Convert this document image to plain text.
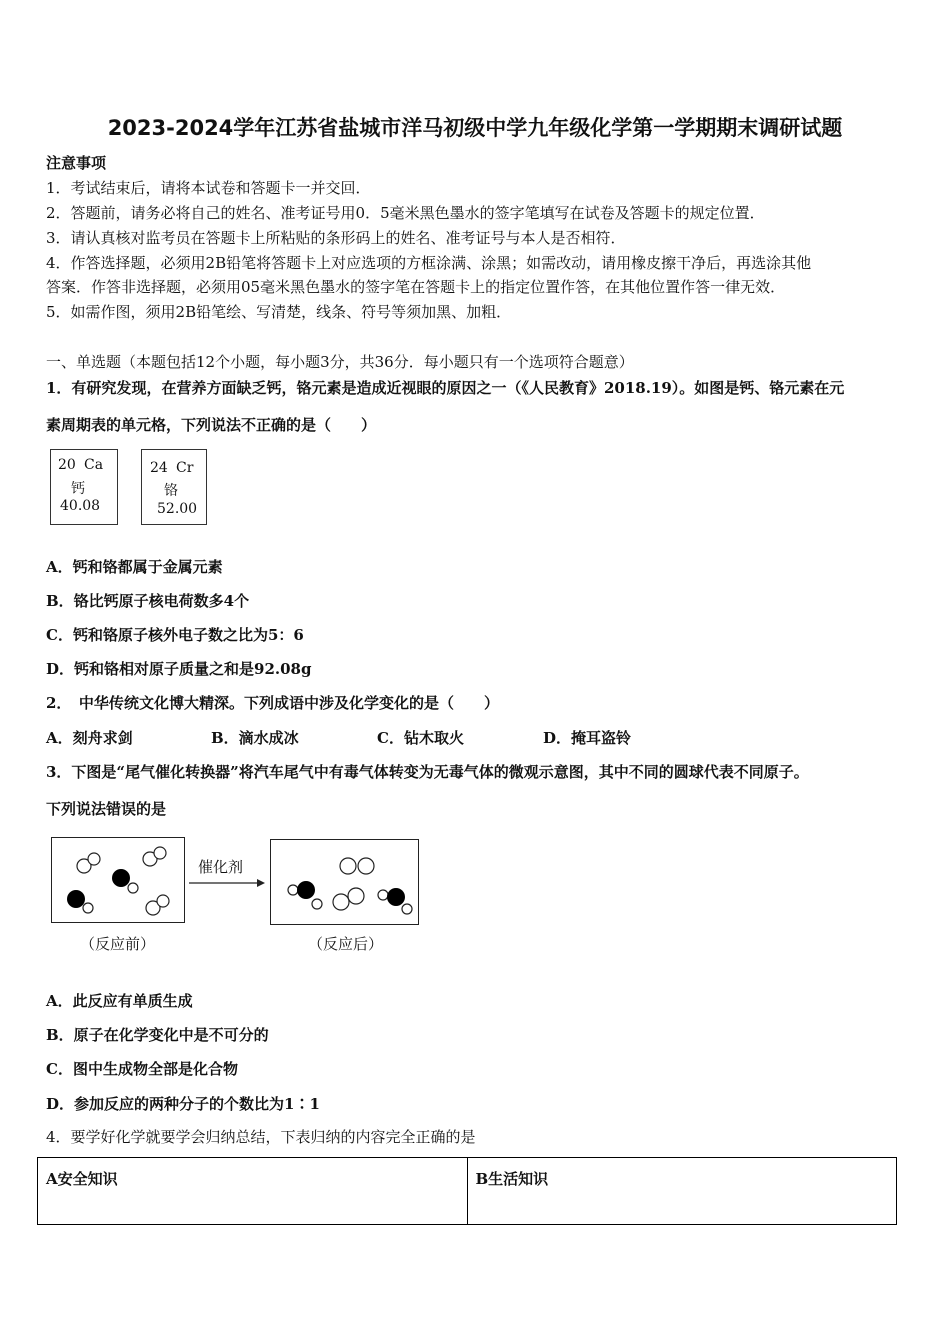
2023-2024学年江苏省盐城市洋马初级中学九年级化学第一学期期末调研试题
注意事项
1．考试结束后，请将本试卷和答题卡一并交回．
2．答题前，请务必将自己的姓名、准考证号用0．5毫米黑色墨水的签字笔填写在试卷及答题卡的规定位置．
3．请认真核对监考员在答题卡上所粘贴的条形码上的姓名、准考证号与本人是否相符．
4．作答选择题，必须用2B铅笔将答题卡上对应选项的方框涂满、涂黑；如需改动，请用橡皮擦干净后，再选涂其他
答案．作答非选择题，必须用05毫米黑色墨水的签字笔在答题卡上的指定位置作答，在其他位置作答一律无效．
5．如需作图，须用2B铅笔绘、写清楚，线条、符号等须加黑、加粗．
一、单选题（本题包括12个小题，每小题3分，共36分．每小题只有一个选项符合题意）
1．有研究发现，在营养方面缺乏钙，铬元素是造成近视眼的原因之一（《人民教育》2018.19）。如图是钙、铬元素在元
素周期表的单元格，下列说法不正确的是（　　）
20 Ca
钙
40.08
24 Cr
铬
52.00
A．钙和铬都属于金属元素
B．铬比钙原子核电荷数多4个
C．钙和铬原子核外电子数之比为5：6
D．钙和铬相对原子质量之和是92.08g
2．　中华传统文化博大精深。下列成语中涉及化学变化的是（　　）
A．刻舟求剑	B．滴水成冰	C．钻木取火	D．掩耳盗铃
3．下图是“尾气催化转换器”将汽车尾气中有毒气体转变为无毒气体的微观示意图，其中不同的圆球代表不同原子。
下列说法错误的是
催化剂
（反应前）	（反应后）
A．此反应有单质生成
B．原子在化学变化中是不可分的
C．图中生成物全部是化合物
D．参加反应的两种分子的个数比为1∶1
4．要学好化学就要学会归纳总结，下表归纳的内容完全正确的是
A安全知识	B生活知识
